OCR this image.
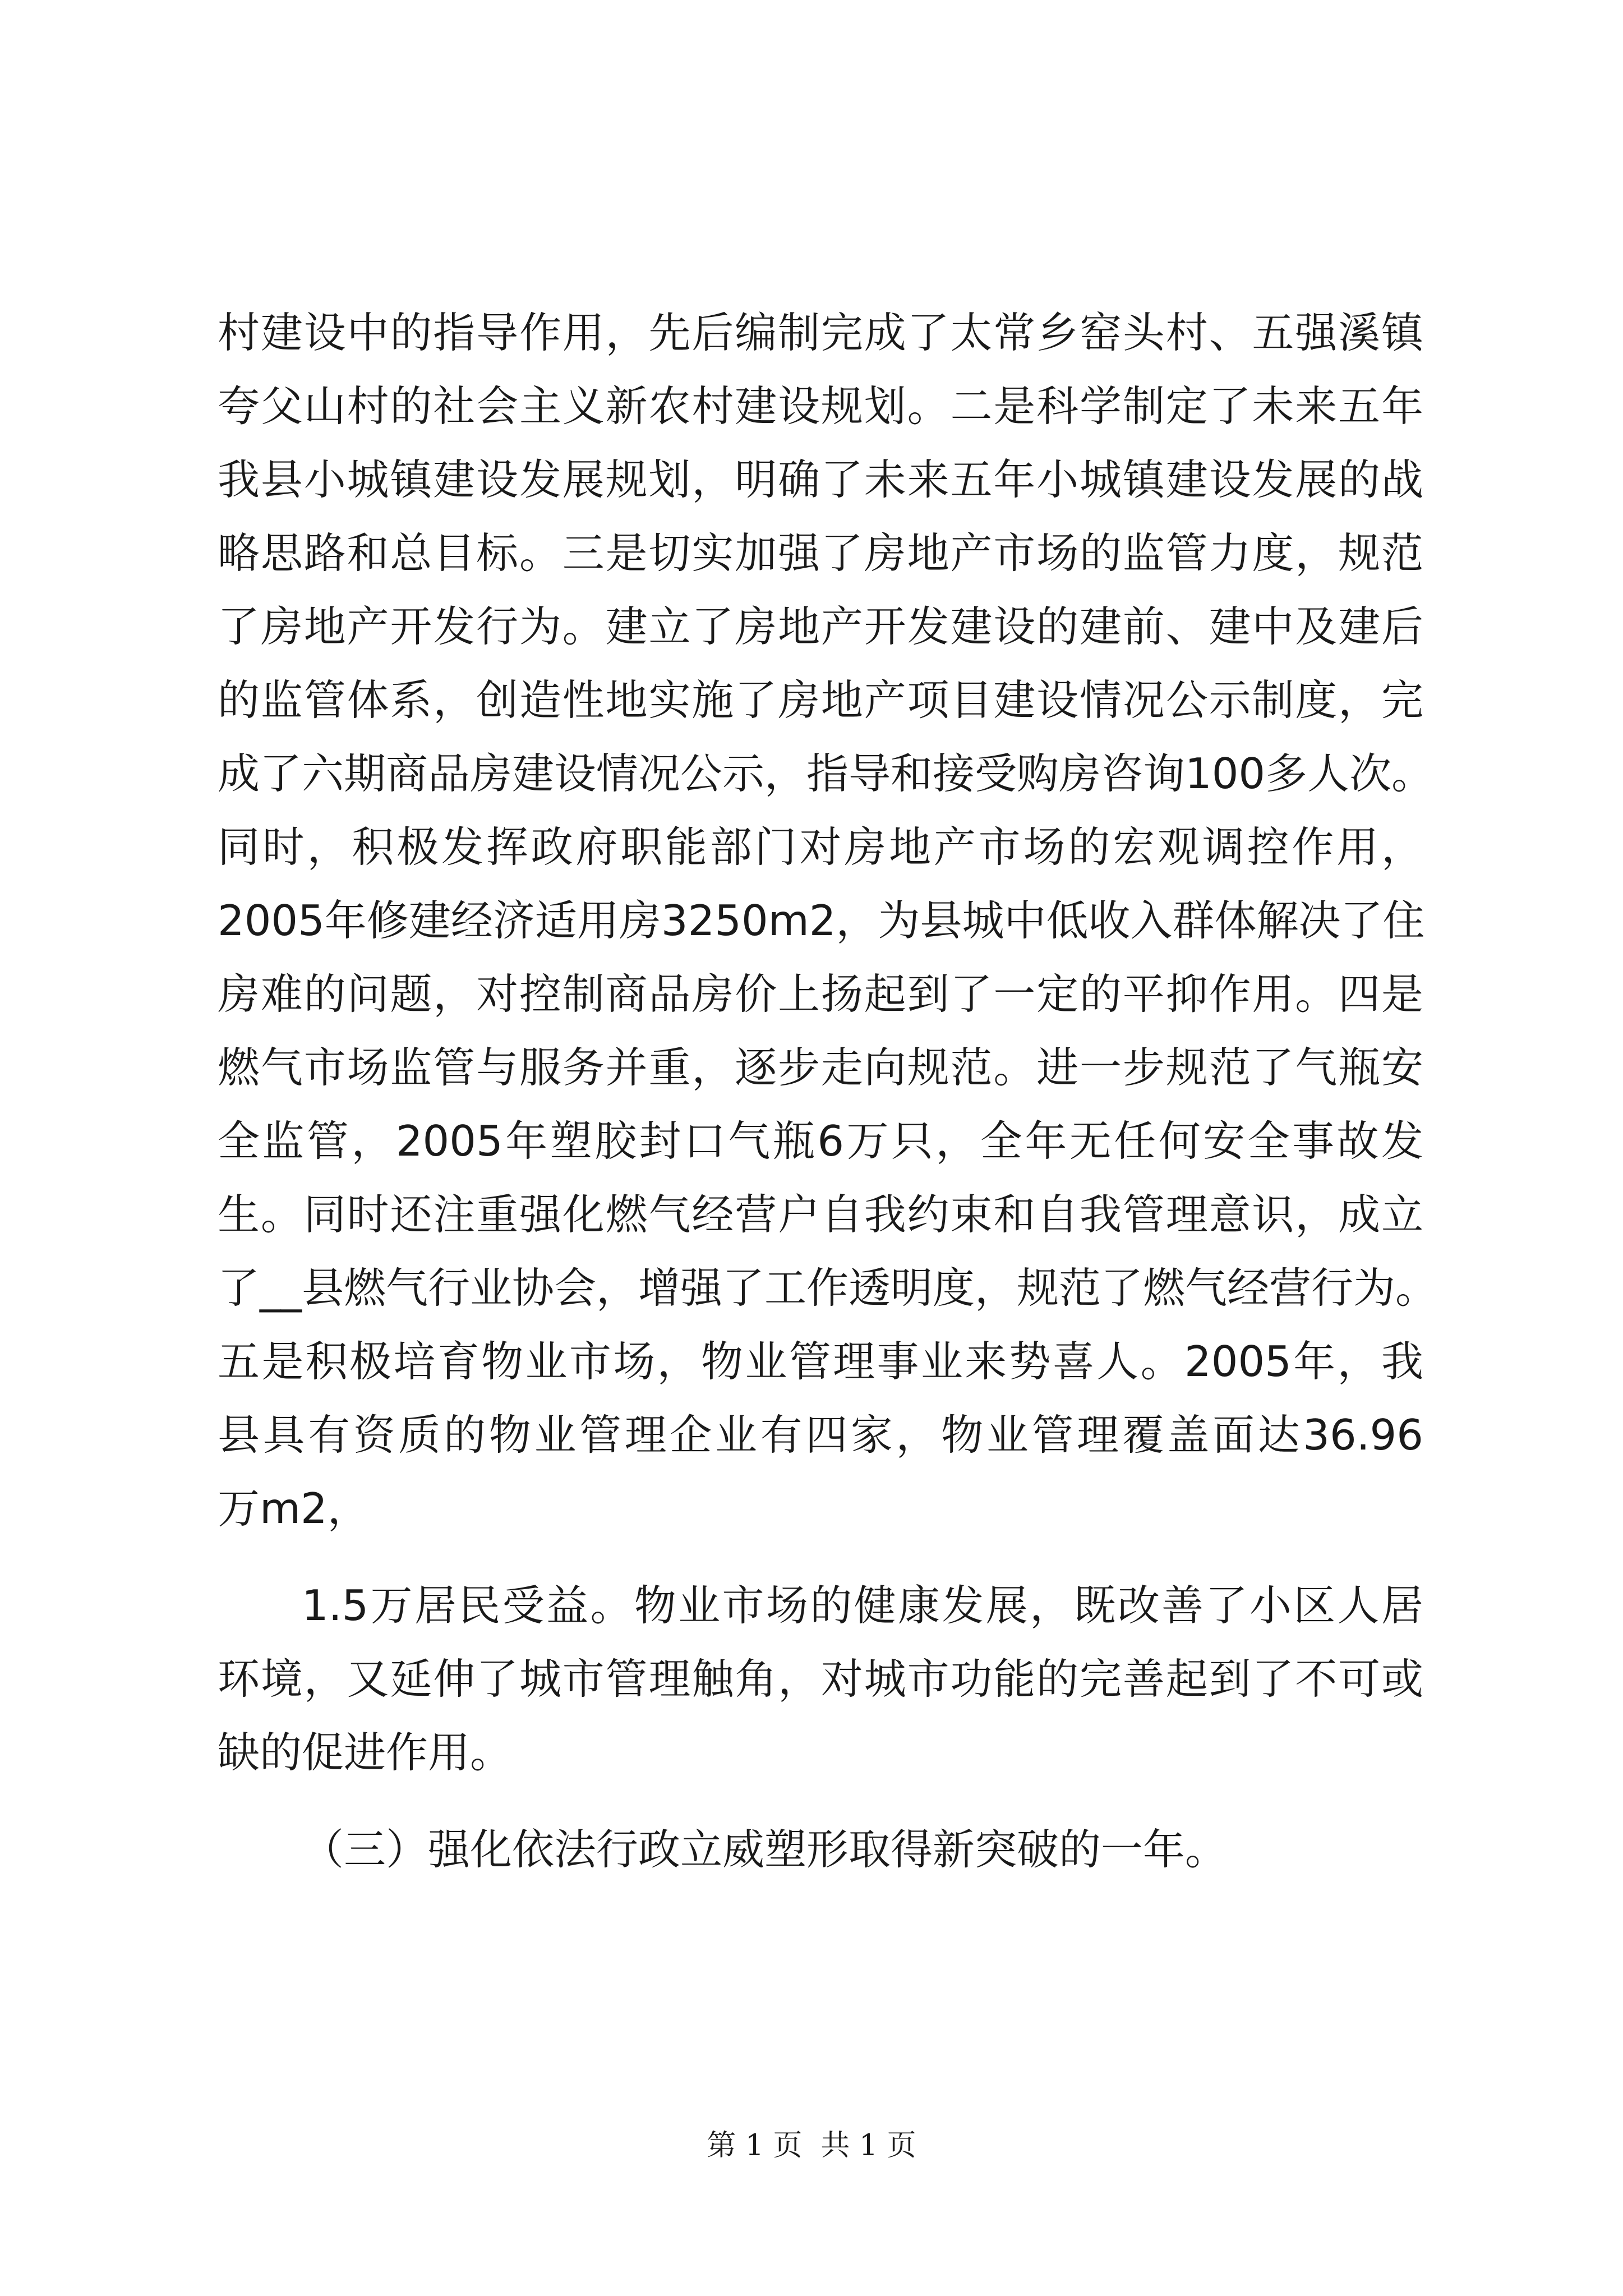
村建设中的指导作用，先后编制完成了太常乡窑头村、五强溪镇
夸父山村的社会主义新农村建设规划。二是科学制定了未来五年
我县小城镇建设发展规划，明确了未来五年小城镇建设发展的战
略思路和总目标。三是切实加强了房地产市场的监管力度，规范
了房地产开发行为。建立了房地产开发建设的建前、建中及建后
的监管体系，创造性地实施了房地产项目建设情况公示制度，完
成了六期商品房建设情况公示，指导和接受购房咨询100多人次。
同时，积极发挥政府职能部门对房地产市场的宏观调控作用，
2005年修建经济适用房3250m2，为县城中低收入群体解决了住
房难的问题，对控制商品房价上扬起到了一定的平抑作用。四是
燃气市场监管与服务并重，逐步走向规范。进一步规范了气瓶安
全监管，2005年塑胶封口气瓶6万只，全年无任何安全事故发
生。同时还注重强化燃气经营户自我约束和自我管理意识，成立
了__县燃气行业协会，增强了工作透明度，规范了燃气经营行为。
五是积极培育物业市场，物业管理事业来势喜人。2005年，我
县具有资质的物业管理企业有四家，物业管理覆盖面达36.96
万m2，
1.5万居民受益。物业市场的健康发展，既改善了小区人居
环境，又延伸了城市管理触角，对城市功能的完善起到了不可或
缺的促进作用。
（三）强化依法行政立威塑形取得新突破的一年。
第 1 页  共 1 页
